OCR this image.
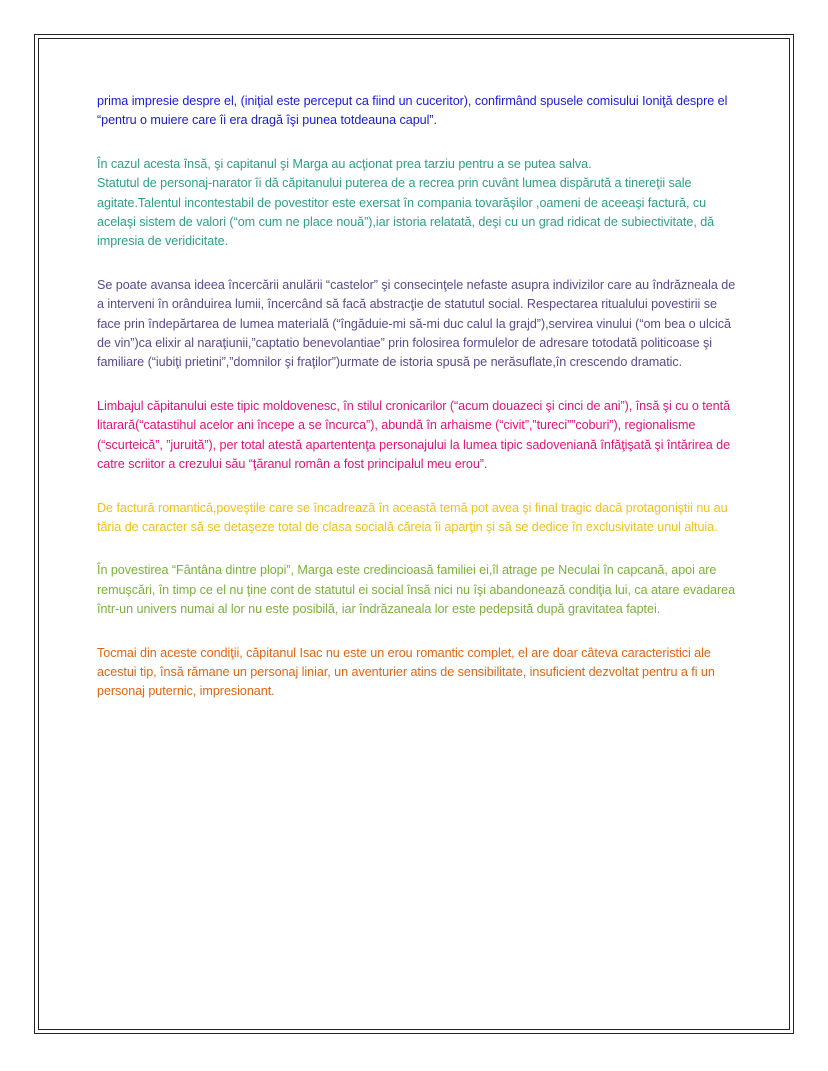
prima impresie despre el, (iniţial este perceput ca fiind un cuceritor), confirmând spusele comisului Ioniţă despre el “pentru o muiere care îi era dragă îşi punea totdeauna capul”.

În cazul acesta însă, şi capitanul şi Marga au acţionat prea tarziu pentru a se putea salva.
Statutul de personaj-narator îi dă căpitanului puterea de a recrea prin cuvânt lumea dispărută a tinereţii sale agitate.Talentul incontestabil de povestitor este exersat în compania tovarăşilor ,oameni de aceeaşi factură, cu acelaşi sistem de valori (“om cum ne place nouă”),iar istoria relatată, deşi cu un grad ridicat de subiectivitate, dă impresia de veridicitate.

Se poate avansa ideea încercării anulării “castelor” şi consecinţele nefaste asupra indivizilor care au îndrăzneala de a interveni în orânduirea lumii, încercând să facă abstracţie de statutul social. Respectarea ritualului povestirii se face prin îndepărtarea de lumea materială (“îngăduie-mi să-mi duc calul la grajd”),servirea vinului (“om bea o ulcică de vin”)ca elixir al naraţiunii,”captatio benevolantiae” prin folosirea formulelor de adresare totodată politicoase şi familiare (“iubiţi prietini”,”domnilor şi fraţilor”)urmate de istoria spusă pe nerăsuflate,în crescendo dramatic.

Limbajul căpitanului este tipic moldovenesc, în stilul cronicarilor (“acum douazeci şi cinci de ani”), însă şi cu o tentă litarară(“catastihul acelor ani începe a se încurca”), abundă în arhaisme (“civit”,”tureci””coburi”), regionalisme (“scurteică”, ”juruită”), per total atestă apartentenţa personajului la lumea tipic sadoveniană înfăţişată şi întărirea de catre scriitor a crezului său “ţăranul român a fost principalul meu erou”.

De factură romantică,poveştile care se încadrează în această temă pot avea şi final tragic dacă protagoniştii nu au tăria de caracter să se detaşeze total de clasa socială căreia îi aparţin şi să se dedice în exclusivitate unul altuia.

În povestirea “Fântâna dintre plopi”, Marga este credincioasă familiei ei,îl atrage pe Neculai în capcană, apoi are remuşcări, în timp ce el nu ţine cont de statutul ei social însă nici nu îşi abandonează condiţia lui, ca atare evadarea într-un univers numai al lor nu este posibilă, iar îndrăzaneala lor este pedepsită după gravitatea faptei.

Tocmai din aceste condiţii, căpitanul Isac nu este un erou romantic complet, el are doar câteva caracteristici ale acestui tip, însă rămane un personaj liniar, un aventurier atins de sensibilitate, insuficient dezvoltat pentru a fi un personaj puternic, impresionant.
